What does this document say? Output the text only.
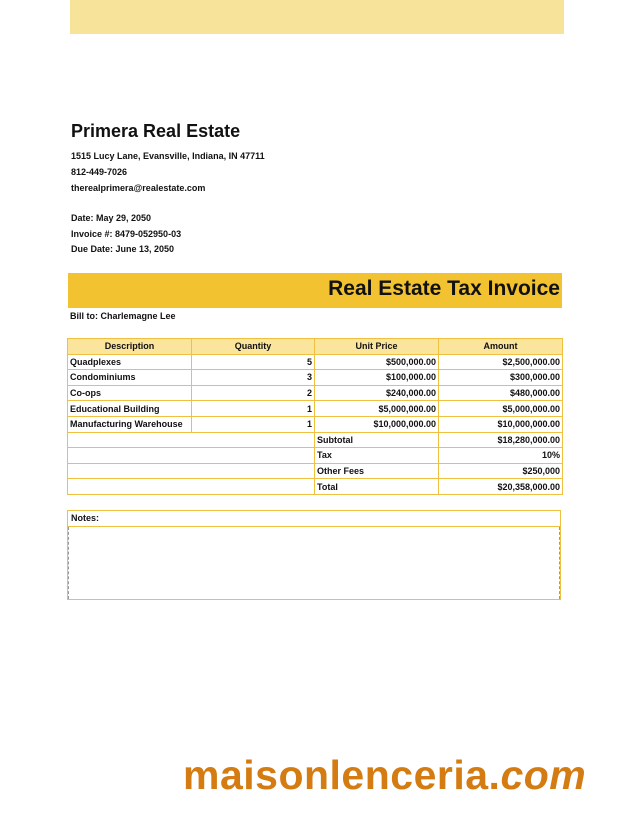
Primera Real Estate
1515 Lucy Lane, Evansville, Indiana, IN 47711
812-449-7026
therealprimera@realestate.com
Date: May 29, 2050
Invoice #: 8479-052950-03
Due Date: June 13, 2050
Real Estate Tax Invoice
Bill to: Charlemagne Lee
Description	Quantity	Unit Price	Amount
Quadplexes	5	$500,000.00	$2,500,000.00
Condominiums	3	$100,000.00	$300,000.00
Co-ops	2	$240,000.00	$480,000.00
Educational Building	1	$5,000,000.00	$5,000,000.00
Manufacturing Warehouse	1	$10,000,000.00	$10,000,000.00
		Subtotal	$18,280,000.00
		Tax	10%
		Other Fees	$250,000
		Total	$20,358,000.00
Notes:
maisonlenceria.com
